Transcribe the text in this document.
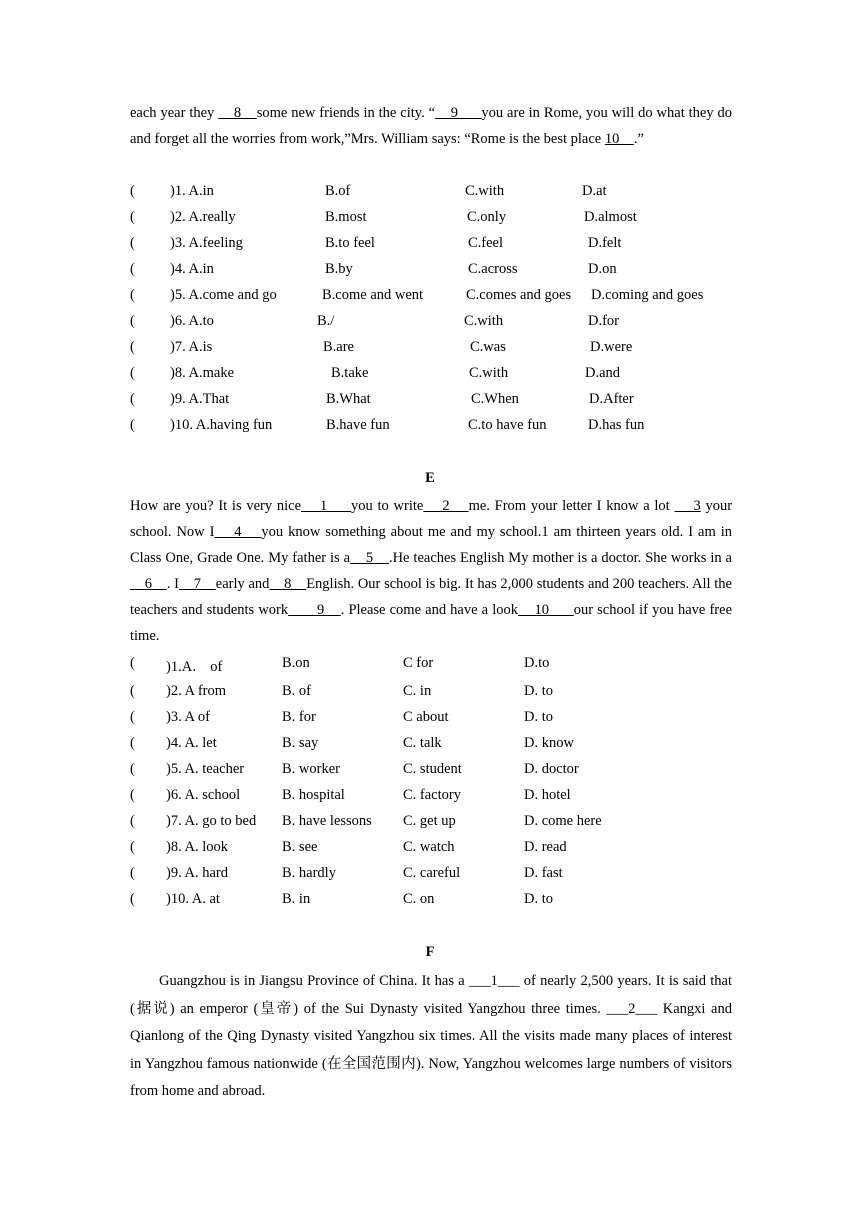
each year they     8    some new friends in the city. “    9      you are in Rome, you will do what they do and forget all the worries from work,”Mrs. William says: “Rome is the best place 10    .”

( )1. A.in	B.of	C.with	D.at
( )2. A.really	B.most	C.only	D.almost
( )3. A.feeling	B.to feel	C.feel	D.felt
( )4. A.in	B.by	C.across	D.on
( )5. A.come and go	B.come and went	C.comes and goes D.coming and goes
( )6. A.to	B./	C.with	D.for
( )7. A.is	B.are	C.was	D.were
( )8. A.make	B.take	C.with	D.and
( )9. A.That	B.What	C.When	D.After
( )10. A.having fun	B.have fun	C.to have fun	D.has fun
E

How are you? It is very nice    1     you to write    2    me. From your letter I know a lot     3 your school. Now I    4    you know something about me and my school.1 am thirteen years old. I am in Class One, Grade One. My father is a    5    .He teaches English My mother is a doctor. She works in a    6    . I    7    early and    8    English. Our school is big. It has 2,000 students and 200 teachers. All the teachers and students work       9    . Please come and have a look    10      our school if you have free time.

( )1.A． of	B.on	C for	D.to
( )2. A from	B. of	C. in	D. to
( )3. A of	B. for	C about	D. to
( )4. A. let	B. say	C. talk	D. know
( )5. A. teacher	B. worker	C. student	D. doctor
( )6. A. school	B. hospital	C. factory	D. hotel
( )7. A. go to bed B. have lessons C. get up	D. come here
( )8. A. look	B. see	C. watch	D. read
( )9. A. hard	B. hardly	C. careful	D. fast
( )10. A. at	B. in	C. on	D. to
F

Guangzhou is in Jiangsu Province of China. It has a ___1___ of nearly 2,500 years. It is said that (据说) an emperor (皇帝) of the Sui Dynasty visited Yangzhou three times. ___2___ Kangxi and Qianlong of the Qing Dynasty visited Yangzhou six times. All the visits made many places of interest in Yangzhou famous nationwide (在全国范围内). Now, Yangzhou welcomes large numbers of visitors from home and abroad.
